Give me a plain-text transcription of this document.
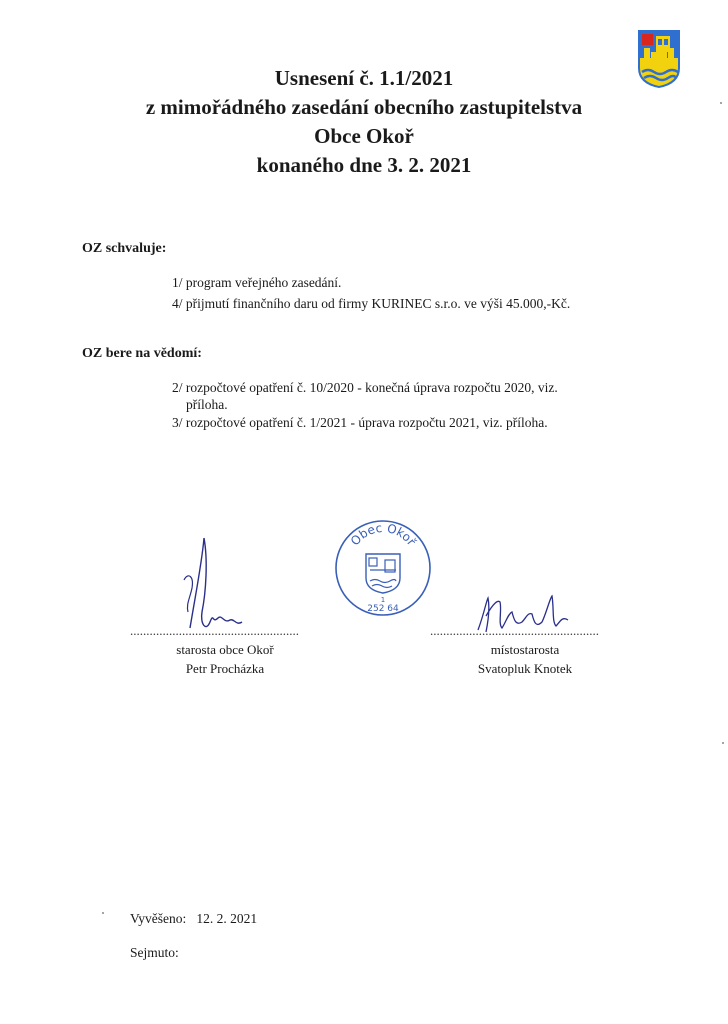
Usnesení č. 1.1/2021
z mimořádného zasedání obecního zastupitelstva
Obce Okoř
konaného dne 3. 2. 2021
OZ schvaluje:
1/ program veřejného zasedání.
4/ přijmutí finančního daru od firmy KURINEC s.r.o. ve výši 45.000,-Kč.
OZ bere na vědomí:
2/ rozpočtové opatření č. 10/2020 - konečná úprava rozpočtu 2020, viz.
příloha.
3/ rozpočtové opatření č. 1/2021 - úprava rozpočtu 2021, viz. příloha.
Obec Okoř
1
252 64
....................................................
starosta obce Okoř
Petr Procházka
....................................................
místostarosta
Svatopluk Knotek
Vyvěšeno: 12. 2. 2021
Sejmuto:
